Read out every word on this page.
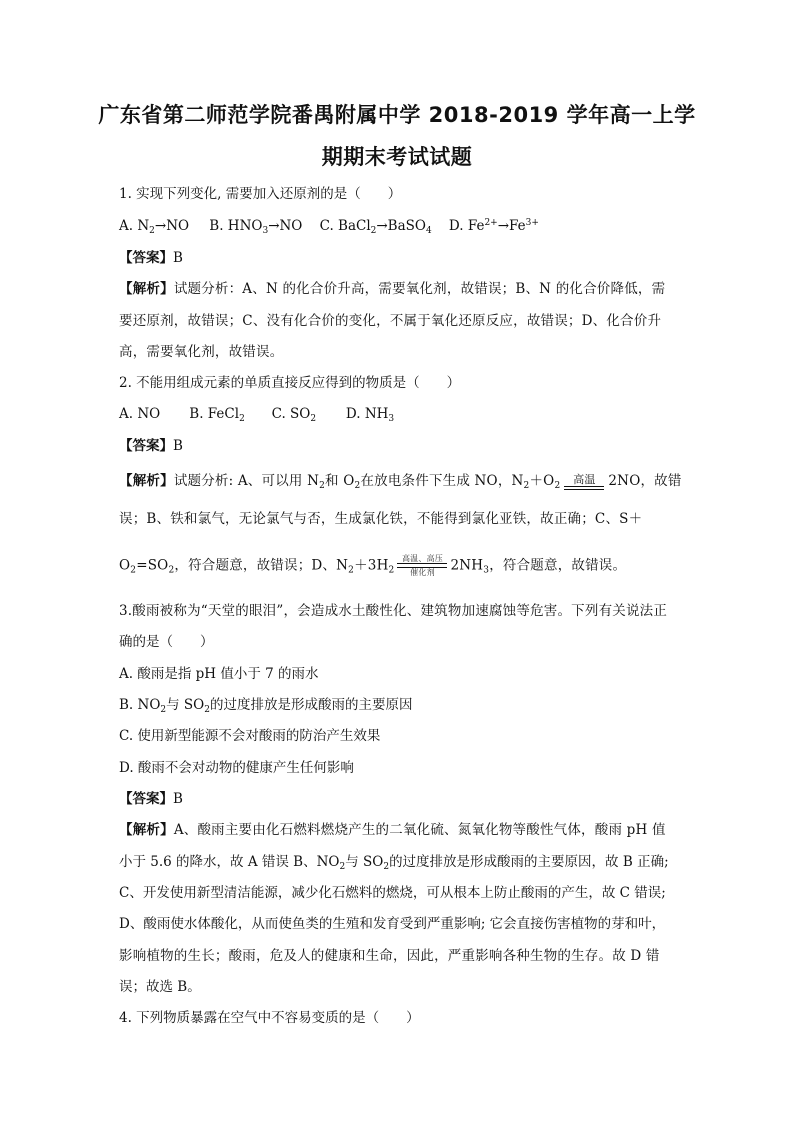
广东省第二师范学院番禺附属中学 2018-2019 学年高一上学
期期末考试试题
1. 实现下列变化, 需要加入还原剂的是（　　）
A. $N_2\to NO$ B. $HNO_3\to NO$ C. BaCl$_2$→BaSO$_4$ D. $Fe^{2+}\to Fe^{3+}$
【答案】B
【解析】试题分析：A、N 的化合价升高，需要氧化剂，故错误；B、N 的化合价降低，需
要还原剂，故错误；C、没有化合价的变化，不属于氧化还原反应，故错误；D、化合价升
高，需要氧化剂，故错误。
2. 不能用组成元素的单质直接反应得到的物质是（　　）
A. NO B. FeCl$_2$ C. $SO_2$ D. $NH_3$
【答案】B
【解析】试题分析: A、可以用 $N_2$和 $O_2$在放电条件下生成 NO，$N_2+O_2$
高温 2NO，故错
误；B、铁和氯气，无论氯气与否，生成氯化铁，不能得到氯化亚铁，故正确；C、S＋
$O_2=SO_2$，符合题意，故错误；D、$N_2+3H_2$
高温、高压
催化剂	$2NH_3$，符合题意，故错误。
3.酸雨被称为“天堂的眼泪”，会造成水土酸性化、建筑物加速腐蚀等危害。下列有关说法正
确的是（　　）
A. 酸雨是指 pH 值小于 7 的雨水
B. $NO_2$与 $SO_2$的过度排放是形成酸雨的主要原因
C. 使用新型能源不会对酸雨的防治产生效果
D. 酸雨不会对动物的健康产生任何影响
【答案】B
【解析】A、酸雨主要由化石燃料燃烧产生的二氧化硫、氮氧化物等酸性气体，酸雨 pH 值
小于 5.6 的降水，故 A 错误 B、$NO_2$与 $SO_2$的过度排放是形成酸雨的主要原因，故 B 正确;
C、开发使用新型清洁能源，减少化石燃料的燃烧，可从根本上防止酸雨的产生，故 C 错误;
D、酸雨使水体酸化，从而使鱼类的生殖和发育受到严重影响; 它会直接伤害植物的芽和叶，
影响植物的生长；酸雨，危及人的健康和生命，因此，严重影响各种生物的生存。故 D 错
误；故选 B。
4. 下列物质暴露在空气中不容易变质的是（　　）
